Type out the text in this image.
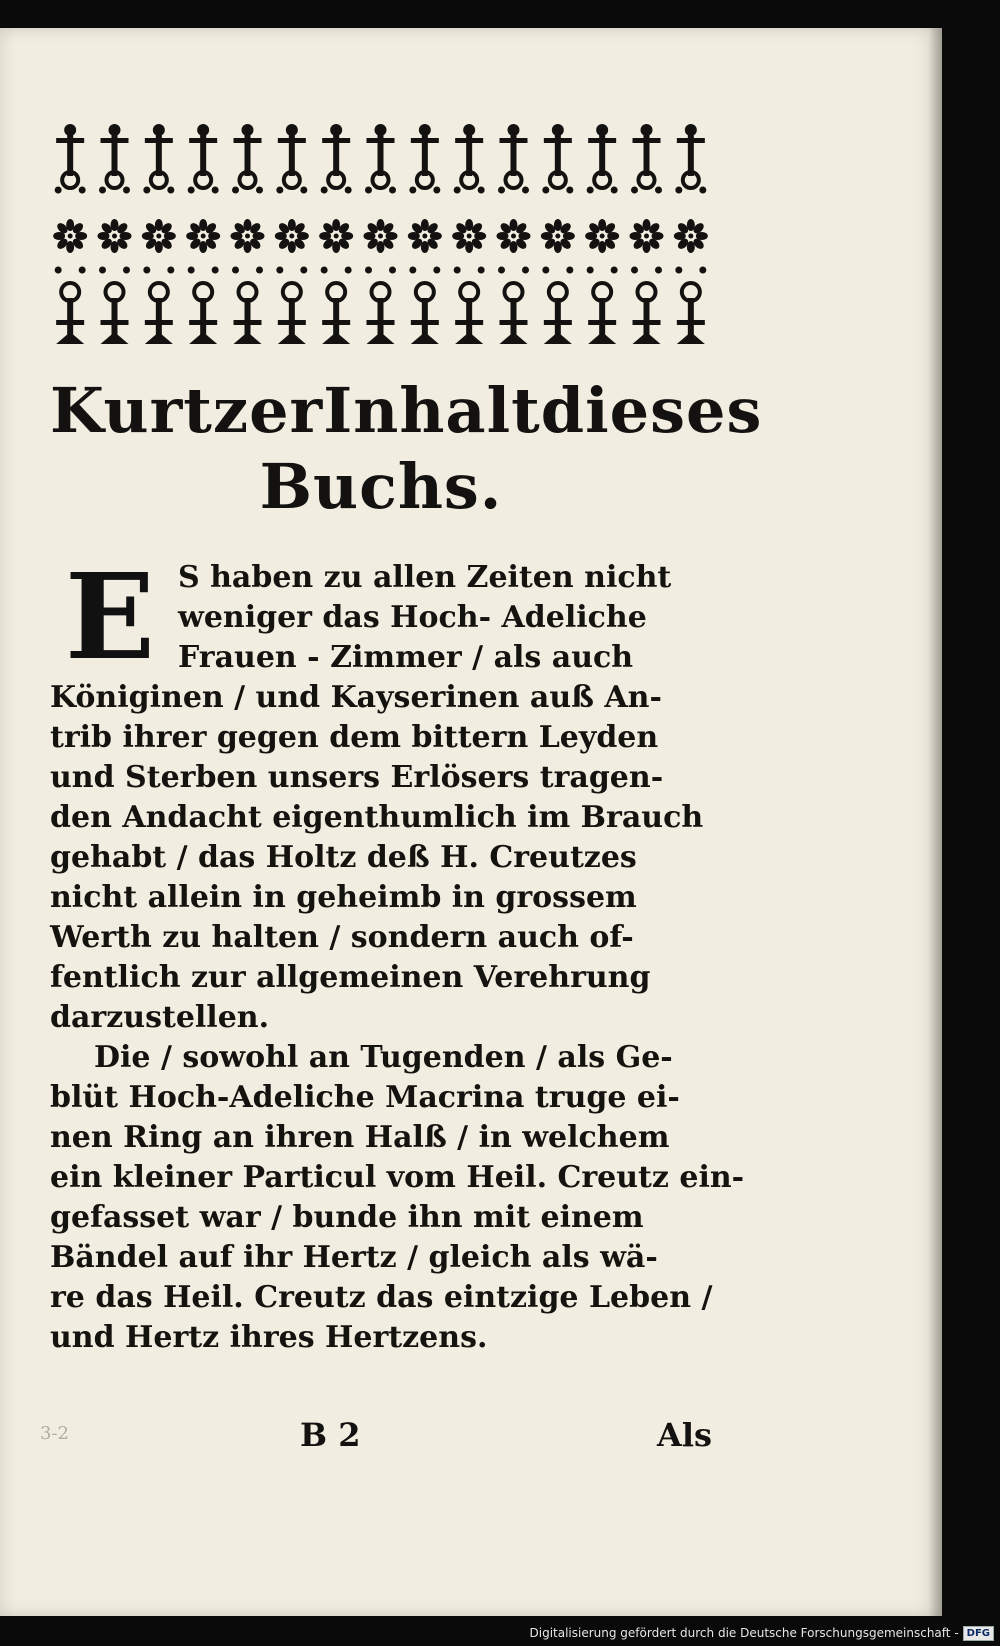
Kurtzer Inhalt dieses
Buchs.
E S haben zu allen Zeiten nicht
weniger das Hoch- Adeliche
Frauen - Zimmer / als auch
Königinen / und Kayserinen auß An-
trib ihrer gegen dem bittern Leyden
und Sterben unsers Erlösers tragen-
den Andacht eigenthumlich im Brauch
gehabt / das Holtz deß H. Creutzes
nicht allein in geheimb in grossem
Werth zu halten / sondern auch of-
fentlich zur allgemeinen Verehrung
darzustellen.
Die / sowohl an Tugenden / als Ge-
blüt Hoch-Adeliche Macrina truge ei-
nen Ring an ihren Halß / in welchem
ein kleiner Particul vom Heil. Creutz ein-
gefasset war / bunde ihn mit einem
Bändel auf ihr Hertz / gleich als wä-
re das Heil. Creutz das eintzige Leben /
und Hertz ihres Hertzens.
B 2	Als
3-2
Digitalisierung gefördert durch die Deutsche Forschungsgemeinschaft - DFG
